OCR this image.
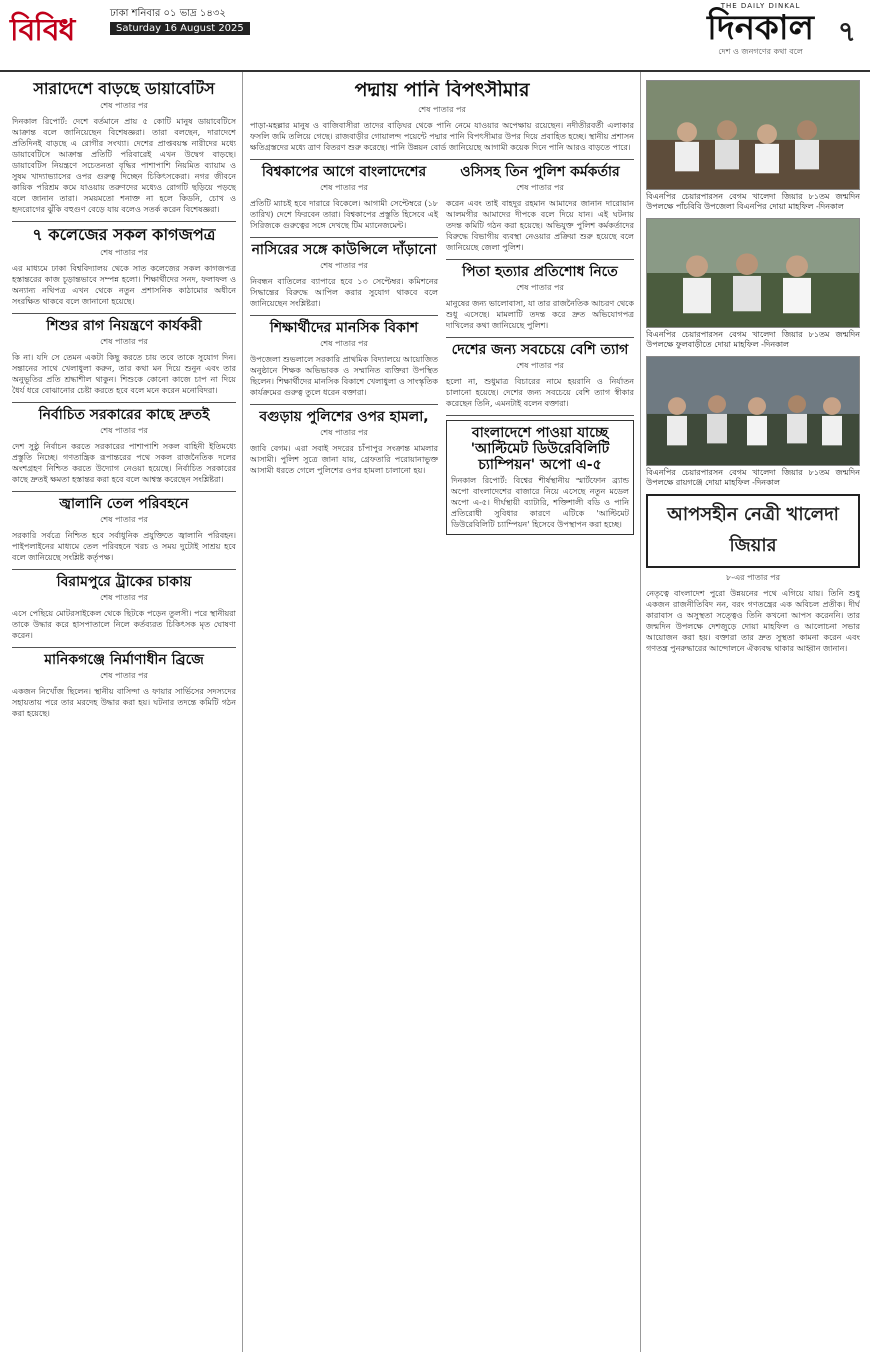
বিবিধ	ঢাকা শনিবার ০১ ভাদ্র ১৪৩২
Saturday 16 August 2025
THE DAILY DINKAL
দিনকাল
দেশ ও জনগণের কথা বলে
৭
সারাদেশে বাড়ছে ডায়াবেটিস
শেষ পাতার পর
দিনকাল রিপোর্ট: দেশে বর্তমানে প্রায় ৫ কোটি মানুষ ডায়াবেটিসে আক্রান্ত বলে জানিয়েছেন বিশেষজ্ঞরা। তারা বলছেন, দারাদেশে প্রতিদিনই বাড়ছে এ রোগীর সংখ্যা। দেশের প্রাপ্তবয়স্ক নারীদের মধ্যে ডায়াবেটিসে আক্রান্ত প্রতিটি পরিবারেই এখন উদ্বেগ বাড়ছে। ডায়াবেটিস নিয়ন্ত্রণে সচেতনতা বৃদ্ধির পাশাপাশি নিয়মিত ব্যায়াম ও সুষম খাদ্যাভ্যাসের ওপর গুরুত্ব দিচ্ছেন চিকিৎসকেরা। নগর জীবনে কায়িক পরিশ্রম কমে যাওয়ায় তরুণদের মধ্যেও রোগটি ছড়িয়ে পড়ছে বলে জানান তারা। সময়মতো শনাক্ত না হলে কিডনি, চোখ ও হৃদরোগের ঝুঁকি বহুগুণ বেড়ে যায় বলেও সতর্ক করেন বিশেষজ্ঞরা।
৭ কলেজের সকল কাগজপত্র
শেষ পাতার পর
এর মাধ্যমে ঢাকা বিশ্ববিদ্যালয় থেকে সাত কলেজের সকল কাগজপত্র হস্তান্তরের কাজ চূড়ান্তভাবে সম্পন্ন হলো। শিক্ষার্থীদের সনদ, ফলাফল ও অন্যান্য নথিপত্র এখন থেকে নতুন প্রশাসনিক কাঠামোর অধীনে সংরক্ষিত থাকবে বলে জানানো হয়েছে।
শিশুর রাগ নিয়ন্ত্রণে কার্যকরী
শেষ পাতার পর
কি না। যদি সে তেমন একটা কিছু করতে চায় তবে তাকে সুযোগ দিন। সন্তানের সাথে খেলাধুলা করুন, তার কথা মন দিয়ে শুনুন এবং তার অনুভূতির প্রতি শ্রদ্ধাশীল থাকুন। শিশুকে কোনো কাজে চাপ না দিয়ে ধৈর্য ধরে বোঝানোর চেষ্টা করতে হবে বলে মনে করেন মনোবিদরা।
নির্বাচিত সরকারের কাছে দ্রুতই
শেষ পাতার পর
দেশ সুষ্ঠু নির্বাচন করতে সরকারের পাশাপাশি সকল বাহিনী ইতিমধ্যে প্রস্তুতি নিচ্ছে। গণতান্ত্রিক রূপান্তরের পথে সকল রাজনৈতিক দলের অংশগ্রহণ নিশ্চিত করতে উদ্যোগ নেওয়া হয়েছে। নির্বাচিত সরকারের কাছে দ্রুতই ক্ষমতা হস্তান্তর করা হবে বলে আশ্বস্ত করেছেন সংশ্লিষ্টরা।
জ্বালানি তেল পরিবহনে
শেষ পাতার পর
সরকারি সর্বত্রে নিশ্চিত হবে সর্বাধুনিক প্রযুক্তিতে জ্বালানি পরিবহন। পাইপলাইনের মাধ্যমে তেল পরিবহনে খরচ ও সময় দুটোই সাশ্রয় হবে বলে জানিয়েছে সংশ্লিষ্ট কর্তৃপক্ষ।
বিরামপুরে ট্রাকের চাকায়
শেষ পাতার পর
এসে পেছিয়ে মোটরসাইকেল থেকে ছিটকে পড়েন তুলসী। পরে স্থানীয়রা তাকে উদ্ধার করে হাসপাতালে নিলে কর্তব্যরত চিকিৎসক মৃত ঘোষণা করেন।
মানিকগঞ্জে নির্মাণাধীন ব্রিজে
শেষ পাতার পর
একজন নিখোঁজ ছিলেন। স্থানীয় বাসিন্দা ও ফায়ার সার্ভিসের সদস্যদের সহায়তায় পরে তার মরদেহ উদ্ধার করা হয়। ঘটনার তদন্তে কমিটি গঠন করা হয়েছে।
পদ্মায় পানি বিপৎসীমার
শেষ পাতার পর
পাড়া-মহল্লার মানুষ ও বাজিবাসীরা তাদের বাড়িঘর থেকে পানি নেমে যাওয়ার অপেক্ষায় রয়েছেন। নদীতীরবর্তী এলাকার ফসলি জমি তলিয়ে গেছে। রাজবাড়ীর গোয়ালন্দ পয়েন্টে পদ্মার পানি বিপৎসীমার উপর দিয়ে প্রবাহিত হচ্ছে। স্থানীয় প্রশাসন ক্ষতিগ্রস্তদের মধ্যে ত্রাণ বিতরণ শুরু করেছে। পানি উন্নয়ন বোর্ড জানিয়েছে আগামী কয়েক দিনে পানি আরও বাড়তে পারে।
বিশ্বকাপের আগে বাংলাদেশের
শেষ পাতার পর
প্রতিটি ম্যাচই হবে দারারে বিকেলে। আগামী সেপ্টেম্বরে (১৮ তারিখ) দেশে ফিরবেন তারা। বিশ্বকাপের প্রস্তুতি হিসেবে এই সিরিজকে গুরুত্বের সঙ্গে দেখছে টিম ম্যানেজমেন্ট।
নাসিরের সঙ্গে কাউন্সিলে দাঁড়ানো
শেষ পাতার পর
নিবন্ধন বাতিলের ব্যাপারে হবে ১৩ সেপ্টেম্বর। কমিশনের সিদ্ধান্তের বিরুদ্ধে আপিল করার সুযোগ থাকবে বলে জানিয়েছেন সংশ্লিষ্টরা।
শিক্ষার্থীদের মানসিক বিকাশ
শেষ পাতার পর
উপজেলা শুভলালে সরকারি প্রাথমিক বিদ্যালয়ে আয়োজিত অনুষ্ঠানে শিক্ষক অভিভাবক ও সম্মানিত ব্যক্তিরা উপস্থিত ছিলেন। শিক্ষার্থীদের মানসিক বিকাশে খেলাধুলা ও সাংস্কৃতিক কার্যক্রমের গুরুত্ব তুলে ধরেন বক্তারা।
বগুড়ায় পুলিশের ওপর হামলা,
শেষ পাতার পর
জাবি বেগম। এরা সবাই সদরের চাঁপাপুর সংক্রান্ত মামলার আসামী। পুলিশ সুত্রে জানা যায়, গ্রেফতারি পরোয়ানাভুক্ত আসামী ধরতে গেলে পুলিশের ওপর হামলা চালানো হয়।
ওসিসহ তিন পুলিশ কর্মকর্তার
শেষ পাতার পর
করেন এবং তাই বাহদুর রহমান আমাদের জানান দারোয়ান আলমগীর আমাদের দীপকে বলে দিয়ে যান। এই ঘটনায় তদন্ত কমিটি গঠন করা হয়েছে। অভিযুক্ত পুলিশ কর্মকর্তাদের বিরুদ্ধে বিভাগীয় ব্যবস্থা নেওয়ার প্রক্রিয়া শুরু হয়েছে বলে জানিয়েছে জেলা পুলিশ।
পিতা হত্যার প্রতিশোধ নিতে
শেষ পাতার পর
মানুষের জন্য ভালোবাসা, যা তার রাজনৈতিক আচরণ থেকে শুধু এসেছে। মামলাটি তদন্ত করে দ্রুত অভিযোগপত্র দাখিলের কথা জানিয়েছে পুলিশ।
দেশের জন্য সবচেয়ে বেশি ত্যাগ
শেষ পাতার পর
হলো না, শুধুমাত্র বিচারের নামে হয়রানি ও নির্যাতন চালানো হয়েছে। দেশের জন্য সবচেয়ে বেশি ত্যাগ স্বীকার করেছেন তিনি, এমনটাই বলেন বক্তারা।
বাংলাদেশে পাওয়া যাচ্ছে 'আল্টিমেট ডিউরেবিলিটি চ্যাম্পিয়ন' অপো এ-৫
দিনকাল রিপোর্ট: বিশ্বের শীর্ষস্থানীয় স্মার্টফোন ব্র্যান্ড অপো বাংলাদেশের বাজারে নিয়ে এসেছে নতুন মডেল অপো এ-৫। দীর্ঘস্থায়ী ব্যাটারি, শক্তিশালী বডি ও পানি প্রতিরোধী সুবিধার কারণে এটিকে 'আল্টিমেট ডিউরেবিলিটি চ্যাম্পিয়ন' হিসেবে উপস্থাপন করা হচ্ছে।
বিএনপির চেয়ারপারসন বেগম খালেদা জিয়ার ৮১তম জন্মদিন উপলক্ষে পাঁচবিবি উপজেলা বিএনপির দোয়া মাহফিল -দিনকাল
বিএনপির চেয়ারপারসন বেগম খালেদা জিয়ার ৮১তম জন্মদিন উপলক্ষে ফুলবাড়ীতে দোয়া মাহফিল -দিনকাল
বিএনপির চেয়ারপারসন বেগম খালেদা জিয়ার ৮১তম জন্মদিন উপলক্ষে রায়গঞ্জে দোয়া মাহফিল -দিনকাল
আপসহীন নেত্রী খালেদা জিয়ার
৮-এর পাতার পর
নেতৃত্বে বাংলাদেশ পুরো উন্নয়নের পথে এগিয়ে যায়। তিনি শুধু একজন রাজনীতিবিদ নন, বরং গণতন্ত্রের এক অবিচল প্রতীক। দীর্ঘ কারাবাস ও অসুস্থতা সত্ত্বেও তিনি কখনো আপস করেননি। তার জন্মদিন উপলক্ষে দেশজুড়ে দোয়া মাহফিল ও আলোচনা সভার আয়োজন করা হয়। বক্তারা তার দ্রুত সুস্থতা কামনা করেন এবং গণতন্ত্র পুনরুদ্ধারের আন্দোলনে ঐক্যবদ্ধ থাকার আহ্বান জানান।
